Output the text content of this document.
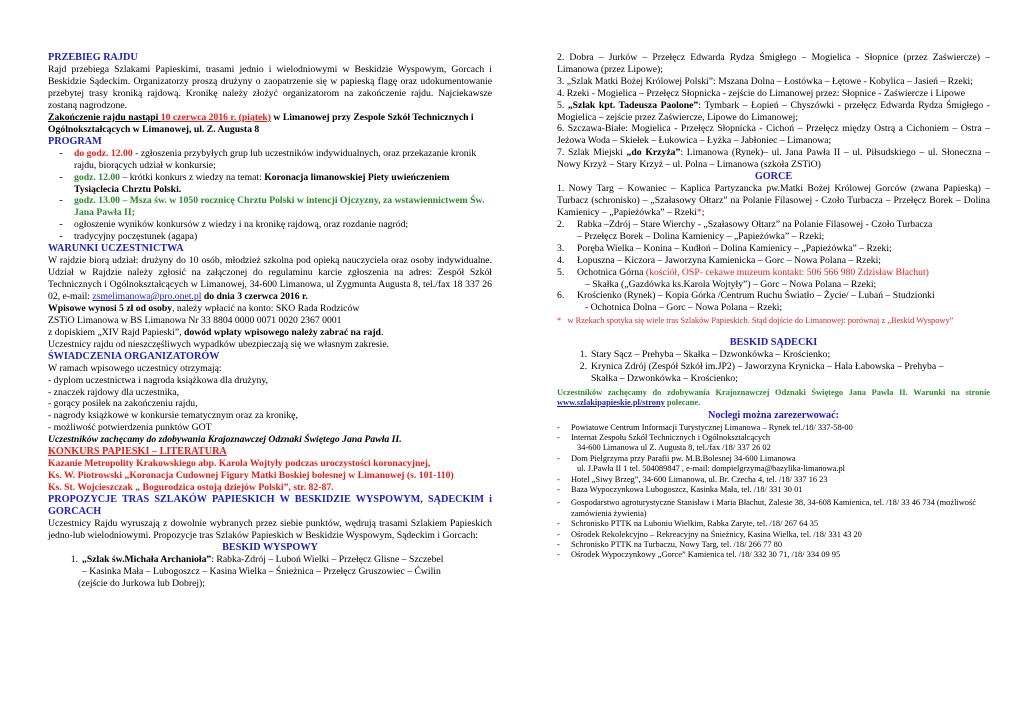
PRZEBIEG RAJDU

Rajd przebiega Szlakami Papieskimi, trasami jednio i wielodniowymi w Beskidzie Wyspowym, Gorcach i Beskidzie Sądeckim. Organizatorzy proszą drużyny o zaopatrzenie się w papieską flagę oraz udokumentowanie przebytej trasy kroniką rajdową. Kronikę należy złożyć organizatorom na zakończenie rajdu. Najciekawsze zostaną nagrodzone.

Zakończenie rajdu nastąpi 10 czerwca 2016 r. (piątek) w Limanowej przy Zespole Szkół Technicznych i Ogólnokształcących w Limanowej, ul. Z. Augusta 8

PROGRAM
-	do godz. 12.00 - zgłoszenia przybyłych grup lub uczestników indywidualnych, oraz przekazanie kronik rajdu, biorących udział w konkursie;
-	godz. 12.00 – krótki konkurs z wiedzy na temat: Koronacja limanowskiej Piety uwieńczeniem Tysiąclecia Chrztu Polski.
-	godz. 13.00 – Msza św. w 1050 rocznicę Chrztu Polski w intencji Ojczyzny, za wstawiennictwem Św. Jana Pawła II;
-	ogłoszenie wyników konkursów z wiedzy i na kronikę rajdową, oraz rozdanie nagród;
-	tradycyjny poczęstunek (agapa)
WARUNKI UCZESTNICTWA

W rajdzie biorą udział: drużyny do 10 osób, młodzież szkolna pod opieką nauczyciela oraz osoby indywidualne. Udział w Rajdzie należy zgłosić na załączonej do regulaminu karcie zgłoszenia na adres: Zespół Szkół Technicznych i Ogólnokształcących w Limanowej, 34-600 Limanowa, ul Zygmunta Augusta 8, tel./fax 18 337 26 02, e-mail: zsmelimanowa@pro.onet.pl do dnia 3 czerwca 2016 r.

Wpisowe wynosi 5 zł od osoby, należy wpłacić na konto: SKO Rada Rodziców

ZSTiO Limanowa w BS Limanowa Nr 33 8804 0000 0071 0020 2367 0001

z dopiskiem „XIV Rajd Papieski”, dowód wpłaty wpisowego należy zabrać na rajd.

Uczestnicy rajdu od nieszczęśliwych wypadków ubezpieczają się we własnym zakresie.

ŚWIADCZENIA ORGANIZATORÓW

W ramach wpisowego uczestnicy otrzymają:

- dyplom uczestnictwa i nagroda książkowa dla drużyny,

- znaczek rajdowy dla uczestnika,

- gorący posiłek na zakończeniu rajdu,

- nagrody książkowe w konkursie tematycznym oraz za kronikę,

- możliwość potwierdzenia punktów GOT

Uczestników zachęcamy do zdobywania Krajoznawczej Odznaki Świętego Jana Pawła II.

KONKURS PAPIESKI – LITERATURA

Kazanie Metropolity Krakowskiego abp. Karola Wojtyły podczas uroczystości koronacyjnej,

Ks. W. Piotrowski „Koronacja Cudownej Figury Matki Boskiej bolesnej w Limanowej (s. 101-110)

Ks. St. Wojcieszczak „ Bogurodzica ostoją dziejów Polski”, str. 82-87.

PROPOZYCJE TRAS SZLAKÓW PAPIESKICH W BESKIDZIE WYSPOWYM, SĄDECKIM i GORCACH

Uczestnicy Rajdu wyruszają z dowolnie wybranych przez siebie punktów, wędrują trasami Szlakiem Papieskich jedno-lub wielodniowymi. Propozycje tras Szlaków Papieskich w Beskidzie Wyspowym, Sądeckim i Gorcach:

BESKID WYSPOWY
1. „Szlak św.Michała Archanioła”: Rabka-Zdrój – Luboń Wielki – Przełęcz Glisne – Szczebel

– Kasinka Mała – Lubogoszcz – Kasina Wielka – Śnieżnica – Przełęcz Gruszowiec – Ćwilin

(zejście do Jurkowa lub Dobrej);

2. Dobra – Jurków – Przełęcz Edwarda Rydza Śmigłego – Mogielica - Słopnice (przez Zaświercze) – Limanowa (przez Lipowe);

3. „Szlak Matki Bożej Królowej Polski”: Mszana Dolna – Łostówka – Łętowe - Kobylica – Jasień – Rzeki;

4. Rzeki - Mogielica – Przełęcz Słopnicka - zejście do Limanowej przez: Słopnice - Zaświercze i Lipowe

5. „Szlak kpt. Tadeusza Paolone”: Tymbark – Łopień – Chyszówki - przełęcz Edwarda Rydza Śmigłego - Mogielica – zejście przez Zaświercze, Lipowe do Limanowej;

6. Szczawa-Białe: Mogielica - Przełęcz Słopnicka - Cichoń – Przełęcz między Ostrą a Cichoniem – Ostra – Jeżowa Woda – Skiełek – Łukowica – Łyżka – Jabłoniec – Limanowa;

7. Szlak Miejski „do Krzyża”: Limanowa (Rynek)– ul. Jana Pawła II – ul. Piłsudskiego – ul. Słoneczna – Nowy Krzyż – Stary Krzyż – ul. Polna – Limanowa (szkoła ZSTiO)

GORCE

1. Nowy Targ – Kowaniec – Kaplica Partyzancka pw.Matki Bożej Królowej Gorców (zwana Papieską) – Turbacz (schronisko) – „Szałasowy Ołtarz” na Polanie Filasowej - Czoło Turbacza – Przełęcz Borek – Dolina Kamienicy – „Papieżówka” – Rzeki*;

2.	Rabka –Zdrój – Stare Wierchy - „Szałasowy Ołtarz” na Polanie Filasowej - Czoło Turbacza

– Przełęcz Borek – Dolina Kamienicy – „Papieżówka” – Rzeki;

3.	Poręba Wielka – Konina – Kudłoń – Dolina Kamienicy – „Papieżówka” – Rzeki;
4.	Łopuszna – Kiczora – Jaworzyna Kamienicka – Gorc – Nowa Polana – Rzeki;
5.	Ochotnica Górna (kościół, OSP- cekawe muzeum kontakt: 506 566 980 Zdzisław Błachut)

– Skałka („Gazdówka ks.Karola Wojtyły”) – Gorc – Nowa Polana – Rzeki;

6.	Krościenko (Rynek) – Kopia Górka /Centrum Ruchu Światło – Życie/ – Lubań – Studzionki

- Ochotnica Dolna – Gorc – Nowa Polana – Rzeki;

* w Rzekach spotyka się wiele tras Szlaków Papieskich. Stąd dojście do Limanowej: porównaj z „Beskid Wyspowy”

BESKID SĄDECKI
1. Stary Sącz – Prehyba – Skałka – Dzwonkówka – Krościenko;
2. Krynica Zdrój (Zespół Szkół im.JP2) – Jaworzyna Krynicka – Hala Łabowska – Prehyba –

Skałka – Dzwonkówka – Krościenko;

Uczestników zachęcamy do zdobywania Krajoznawczej Odznaki Świętego Jana Pawła II. Warunki na stronie www.szlakipapieskie.pl/strony polecane.

Noclegi można zarezerwować:
-	Powiatowe Centrum Informacji Turystycznej Limanowa – Rynek tel./18/ 337-58-00
-	Internat Zespołu Szkół Technicznych i Ogólnokształcących
34-600 Limanowa ul Z. Augusta 8, tel./fax /18/ 337 26 02
-	Dom Pielgrzyma przy Parafii pw. M.B.Bolesnej 34-600 Limanowa
ul. J.Pawła II 1 tel. 504089847 , e-mail: dompielgrzyma@bazylika-limanowa.pl
-	Hotel „Siwy Brzeg”, 34-600 Limanowa, ul. Br. Czecha 4, tel. /18/ 337 16 23
-	Baza Wypoczynkowa Lubogoszcz, Kasinka Mała, tel. /18/ 331 30 01
-	Gospodarstwo agroturystyczne Stanisław i Maria Błachut, Zalesie 38, 34-608 Kamienica, tel. /18/ 33 46 734 (możliwość zamówienia żywienia)
-	Schronisko PTTK na Luboniu Wielkim, Rabka Zaryte, tel. /18/ 267 64 35
-	Ośrodek Rekolekcyjno – Rekreacyjny na Śnieżnicy, Kasina Wielka, tel. /18/ 331 43 20
-	Schronisko PTTK na Turbaczu, Nowy Targ, tel. /18/ 266 77 80
-	Ośrodek Wypoczynkowy „Gorce” Kamienica tel. /18/ 332 30 71, /18/ 334 09 95
